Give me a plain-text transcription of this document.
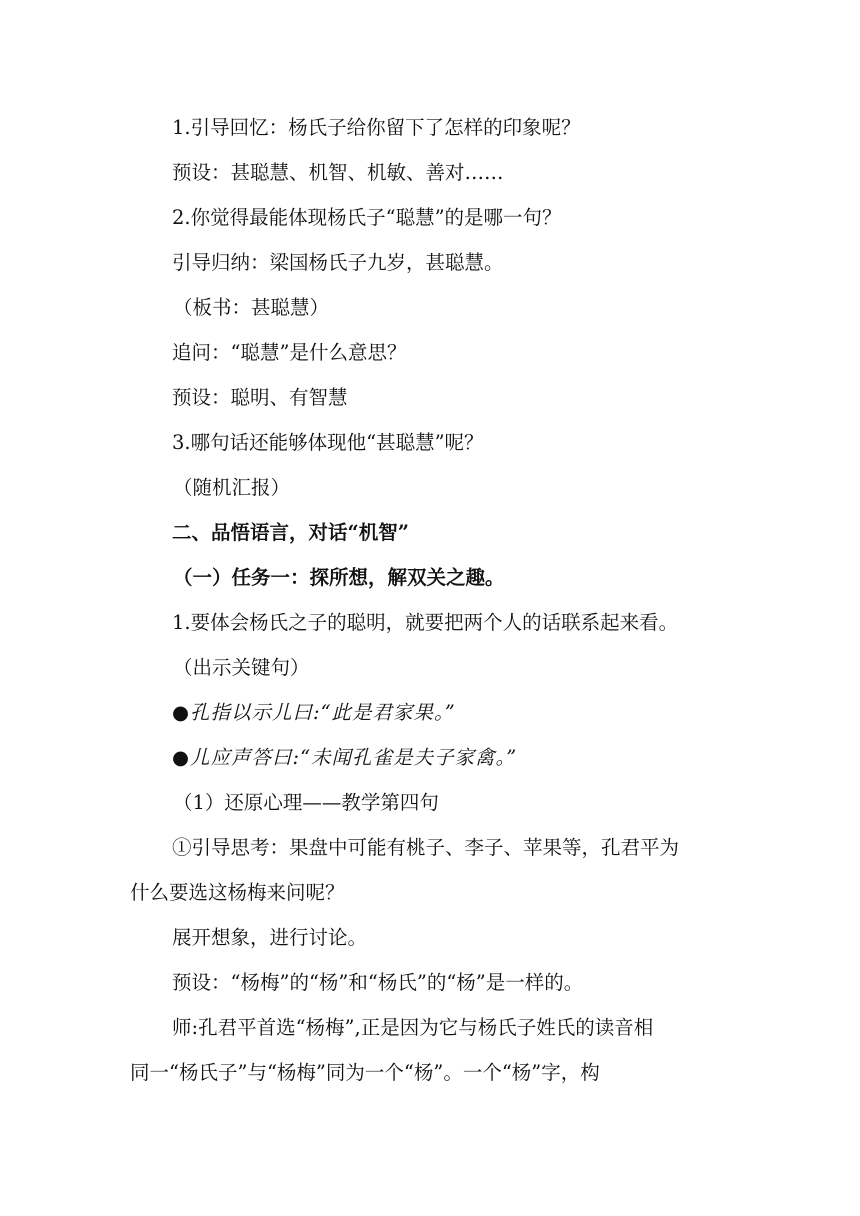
1.引导回忆：杨氏子给你留下了怎样的印象呢？
预设：甚聪慧、机智、机敏、善对……
2.你觉得最能体现杨氏子“聪慧”的是哪一句？
引导归纳：梁国杨氏子九岁，甚聪慧。
（板书：甚聪慧）
追问：“聪慧”是什么意思？
预设：聪明、有智慧
3.哪句话还能够体现他“甚聪慧”呢？
（随机汇报）
二、品悟语言，对话“机智”
（一）任务一：探所想，解双关之趣。
1.要体会杨氏之子的聪明，就要把两个人的话联系起来看。
（出示关键句）
●孔指以示儿曰:“此是君家果。”
●儿应声答曰:“未闻孔雀是夫子家禽。”
（1）还原心理——教学第四句
①引导思考：果盘中可能有桃子、李子、苹果等，孔君平为
什么要选这杨梅来问呢？
展开想象，进行讨论。
预设：“杨梅”的“杨”和“杨氏”的“杨”是一样的。
师:孔君平首选“杨梅”,正是因为它与杨氏子姓氏的读音相
同一“杨氏子”与“杨梅”同为一个“杨”。一个“杨”字，构
